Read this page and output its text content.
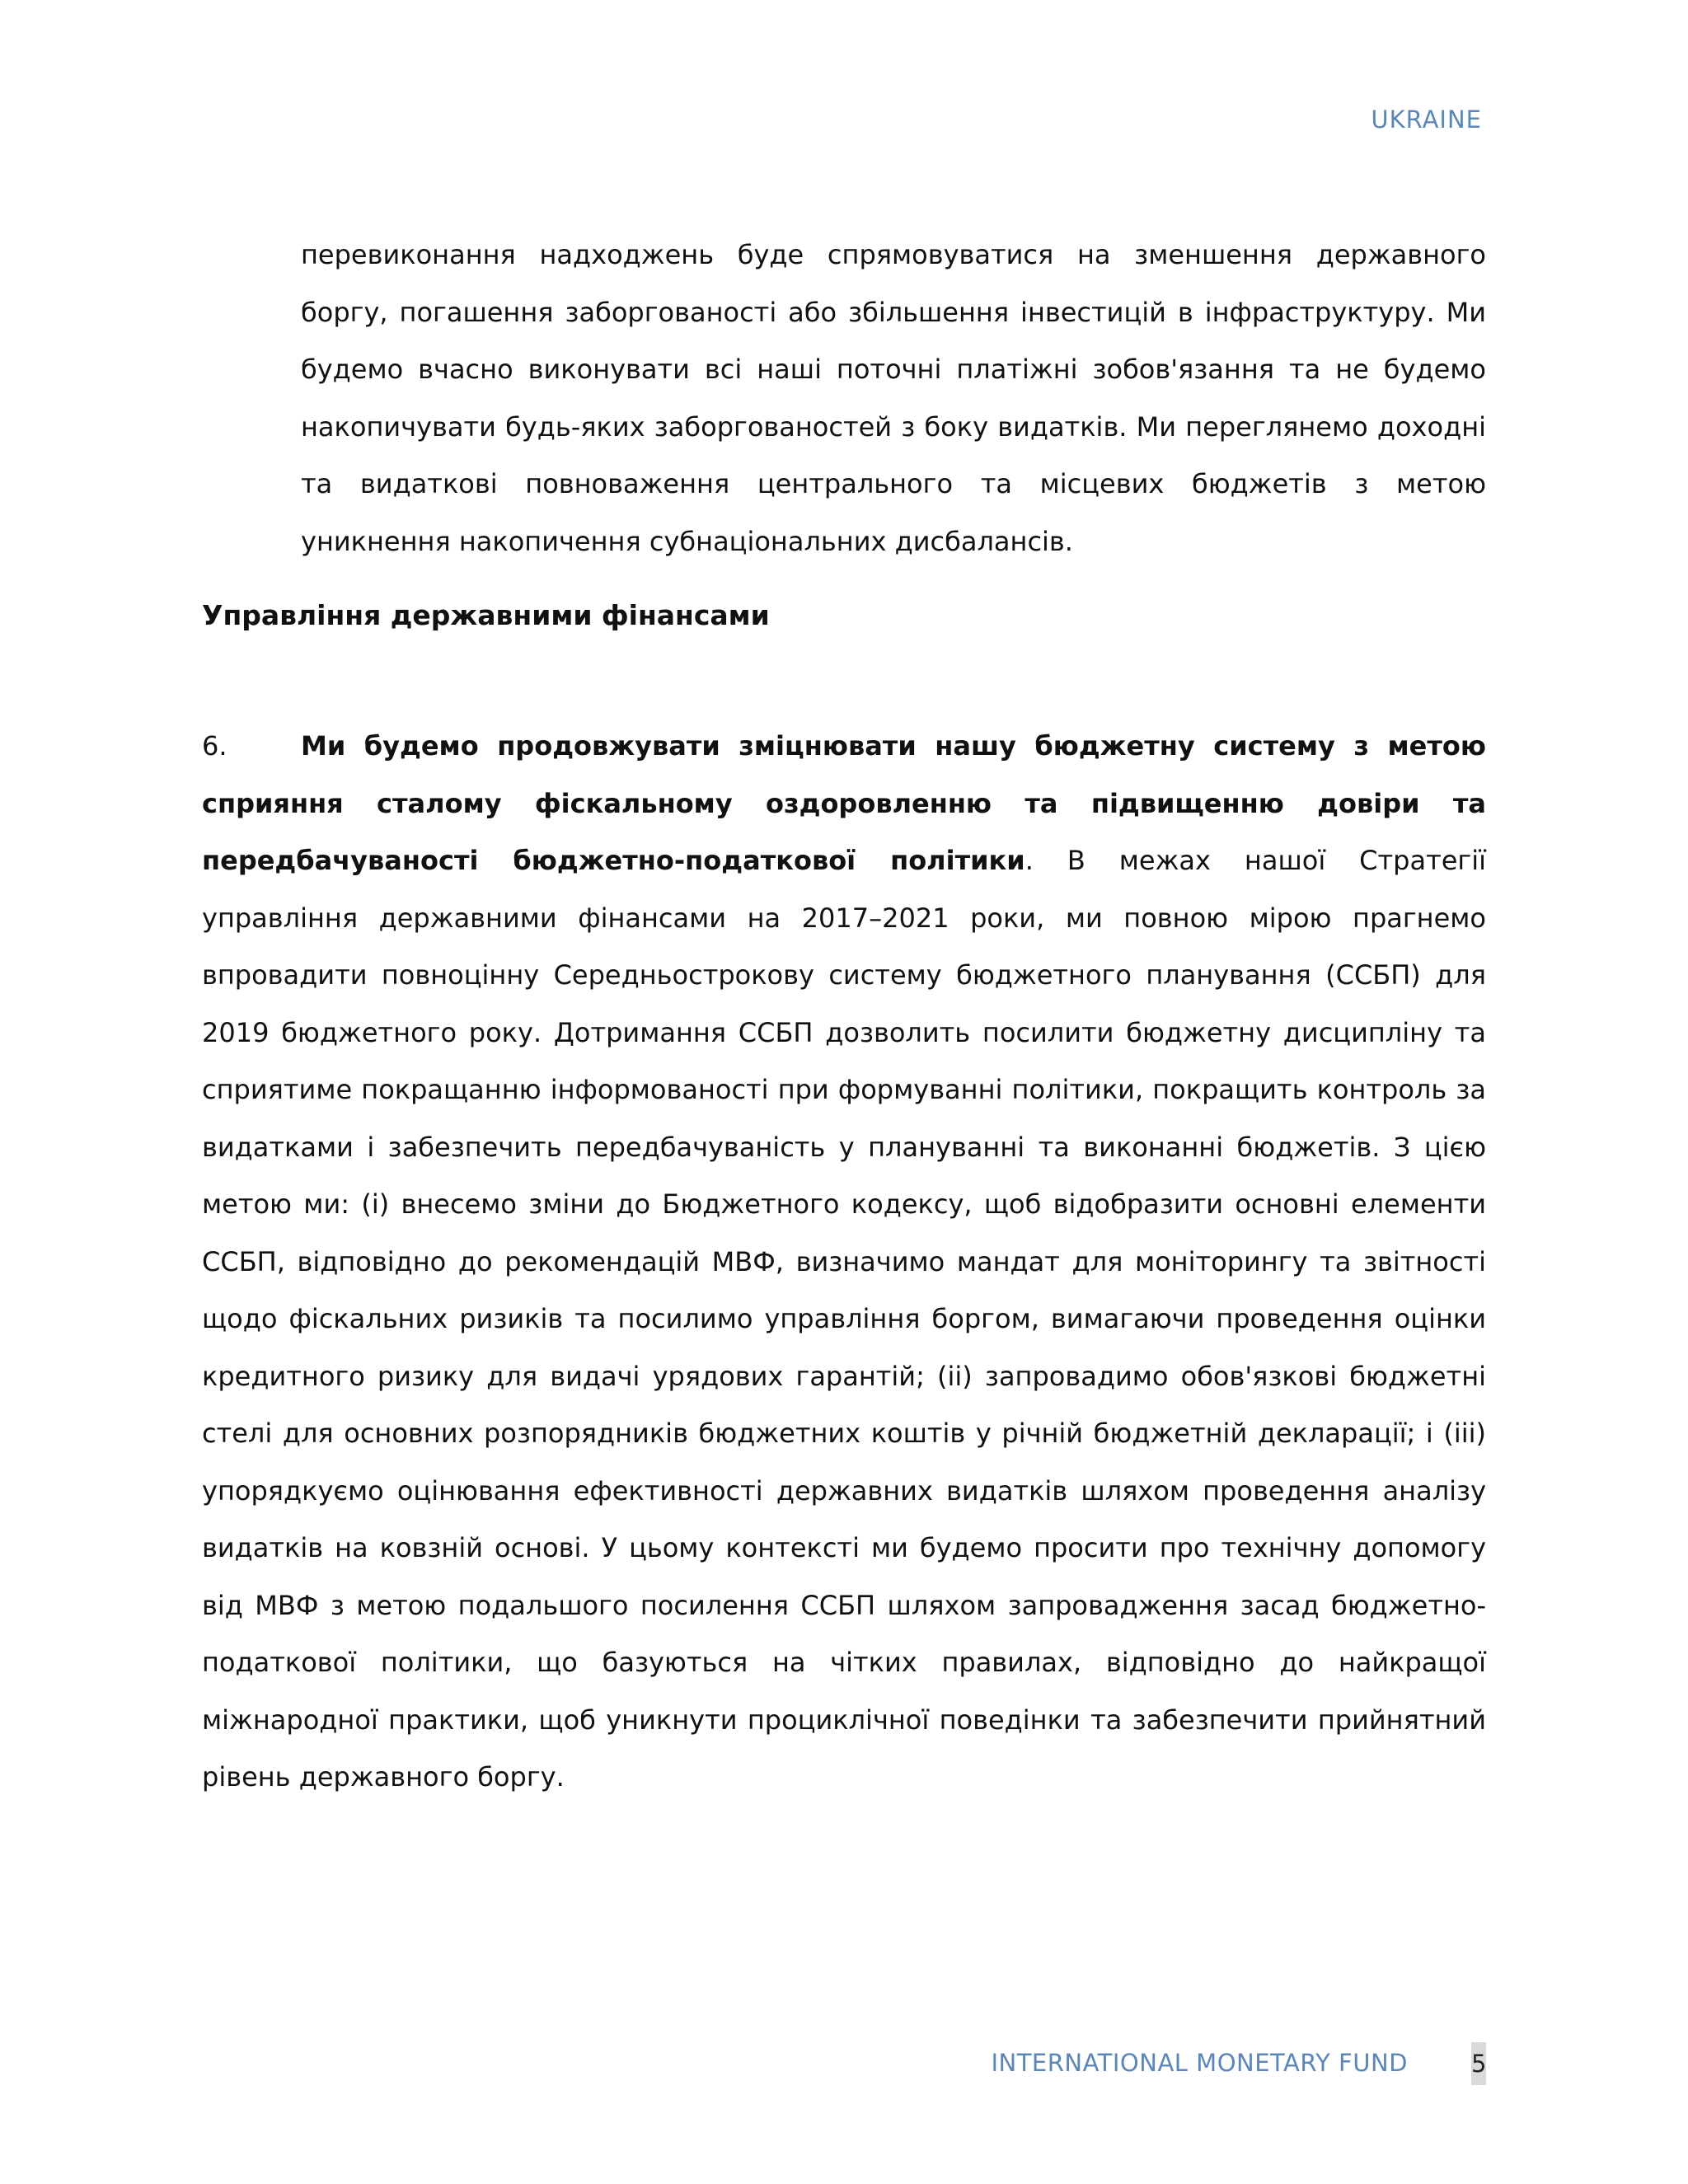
UKRAINE

перевиконання надходжень буде спрямовуватися на зменшення державного боргу, погашення заборгованості або збільшення інвестицій в інфраструктуру. Ми будемо вчасно виконувати всі наші поточні платіжні зобов'язання та не будемо накопичувати будь-яких заборгованостей з боку видатків. Ми переглянемо доходні та видаткові повноваження центрального та місцевих бюджетів з метою уникнення накопичення субнаціональних дисбалансів.

Управління державними фінансами

6.	Ми будемо продовжувати зміцнювати нашу бюджетну систему з метою сприяння сталому фіскальному оздоровленню та підвищенню довіри та передбачуваності бюджетно-податкової політики. В межах нашої Стратегії управління державними фінансами на 2017–2021 роки, ми повною мірою прагнемо впровадити повноцінну Середньострокову систему бюджетного планування (ССБП) для 2019 бюджетного року. Дотримання ССБП дозволить посилити бюджетну дисципліну та сприятиме покращанню інформованості при формуванні політики, покращить контроль за видатками і забезпечить передбачуваність у плануванні та виконанні бюджетів. З цією метою ми: (i) внесемо зміни до Бюджетного кодексу, щоб відобразити основні елементи ССБП, відповідно до рекомендацій МВФ, визначимо мандат для моніторингу та звітності щодо фіскальних ризиків та посилимо управління боргом, вимагаючи проведення оцінки кредитного ризику для видачі урядових гарантій; (ii) запровадимо обов'язкові бюджетні стелі для основних розпорядників бюджетних коштів у річній бюджетній декларації; і (iii) упорядкуємо оцінювання ефективності державних видатків шляхом проведення аналізу видатків на ковзній основі. У цьому контексті ми будемо просити про технічну допомогу від МВФ з метою подальшого посилення ССБП шляхом запровадження засад бюджетно-податкової політики, що базуються на чітких правилах, відповідно до найкращої міжнародної практики, щоб уникнути проциклічної поведінки та забезпечити прийнятний рівень державного боргу.

INTERNATIONAL MONETARY FUND	5
